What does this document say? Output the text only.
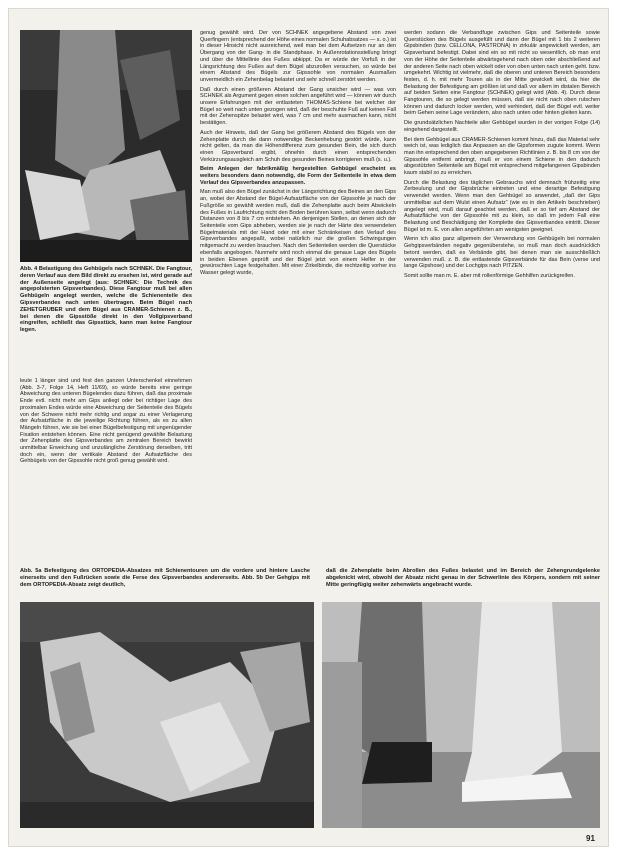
Abb. 4 Belastigung des Gehbügels nach SCHNEK. Die Fangtour, deren Verlauf aus dem Bild direkt zu ersehen ist, wird gerade auf der Außenseite angelegt (aus: SCHNEK: Die Technik des angepolsterten Gipsverbandes). Diese Fangtour muß bei allen Gehbügeln angelegt werden, welche die Schienenteile des Gipsverbandes nach unten übertragen. Beim Bügel nach ZEHETGRUBER und dem Bügel aus CRAMER-Schienen z. B., bei denen die Gipsstöße direkt in den Vollgipsverband eingreifen, schließt das Gipsstück, kann man keine Fangtour legen.

leute 1 länger sind und fest den ganzen Unterschenkel einnehmen (Abb. 3-7, Folge 14, Heft 11/69), so würde bereits eine geringe Abweichung des unteren Bügelendes dazu führen, daß das proximale Ende evtl. nicht mehr am Gips anliegt oder bei richtiger Lage des proximalen Endes würde eine Abweichung der Seitenteile des Bügels von der Schwere nicht mehr richtig und sogar zu einer Verlagerung der Aufsatzfläche in die jeweilige Richtung führen, als es zu allen Mängeln führen, wie sie bei einer Bügelbefestigung mit ungenügender Fixation entstehen können. Eine nicht genügend gewählte Belastung der Zehenplatte des Gipsverbandes am zentralen Bereich bewirkt unmittelbar Erweichung und unzulängliche Zerstörung derselben, tritt doch ein, wenn der vertikale Abstand der Aufsatzfläche des Gehbügels von der Gipssohle nicht groß genug gewählt wird.

genug gewählt wird. Der von SCHNEK angegebene Abstand von zwei Querfingern (entsprechend der Höhe eines normalen Schuhabsatzes — s. o.) ist in dieser Hinsicht nicht ausreichend, weil man bei dem Aufsetzen nur an den Übergang von der Gang- in die Standphase. In Außenrotationsstellung bringt und über die Mittellinie des Fußes abkippt. Da er würde der Vorfuß in der Längsrichtung des Fußes auf dem Bügel abzurollen versuchen, so würde bei einem Abstand des Bügels zur Gipssohle von normalen Ausmaßen unvermeidlich ein Zehenbelag belastet und sehr schnell zerstört werden.

Daß durch einen größeren Abstand der Gang unsicher wird — was von SCHNEK als Argument gegen einen solchen angeführt wird — können wir durch unsere Erfahrungen mit der entlasteten THOMAS-Schiene bei welcher der Bügel so weit nach unten gezogen wird, daß der beschuhte Fuß auf keinen Fall mit der Zehenspitze belastet wird, was 7 cm und mehr ausmachen kann, nicht bestätigen.

Auch der Hinweis, daß der Gang bei größerem Abstand des Bügels von der Zehenplatte durch die dann notwendige Beckenhebung gestört würde, kann nicht gelten, da man die Höhendifferenz zum gesunden Bein, die sich durch einen Gipsverband ergibt, ohnehin durch einen entsprechenden Verkürzungsausgleich am Schuh des gesunden Beines korrigieren muß (s. u.).

Beim Anlegen der fabrikmäßig hergestellten Gehbügel erscheint es weiters besonders dann notwendig, die Form der Seitenteile in etwa dem Verlauf des Gipsverbandes anzupassen.

Man muß also den Bügel zunächst in der Längsrichtung des Beines an den Gips an, wobei der Abstand der Bügel-Aufsatzfläche von der Gipssohle je nach der Fußgröße so gewählt werden muß, daß die Zehenplatte auch beim Abwickeln des Fußes in Laufrichtung nicht den Boden berühren kann, selbst wenn dadurch Distanzen von 8 bis 7 cm entstehen. An denjenigen Stellen, an denen sich der Seitenteile vom Gips abheben, werden sie je nach der Härte des verwendeten Bügelmaterials mit der Hand oder mit einer Schränkeisen den Verlauf des Gipsverbandes angepaßt, wobei natürlich nur die großen Schwingungen mitgemacht zu werden brauchen. Nach den Seitenteilen werden die Querstücke ebenfalls angebogen. Nunmehr wird noch einmal die genaue Lage des Bügels in beiden Ebenen geprüft und der Bügel jetzt von einem Helfer in der gewünschten Lage festgehalten. Mit einer Zirkelbinde, die rechtzeitig vorher ins Wasser gelegt wurde,

werden sodann die Verbandfuge zwischen Gips und Seitenteile sowie Querstücken des Bügels ausgefüllt und dann der Bügel mit 1 bis 2 weiteren Gipsbinden (bzw. CELLONA, PASTRONA) in zirkulär angewickelt werden, am Gipsverband befestigt. Dabei sind ein so mit nicht so wesentlich, ob man erst von der Höhe der Seitenteile abwärtsgehend nach oben oder abschließend auf der anderen Seite nach oben wickelt oder von oben unten nach unten geht. bzw. umgekehrt. Wichtig ist vielmehr, daß die oberen und unteren Bereich besonders festen, d. h. mit mehr Touren als in der Mitte gewickelt wird, da hier die Belastung der Befestigung am größten ist und daß vor allem im distalen Bereich auf beiden Seiten eine Fangtour (SCHNEK) gelegt wird (Abb. 4). Durch diese Fangtouren, die so gelegt werden müssen, daß sie nicht nach oben rutschen können und dadurch locker werden, wird verhindert, daß der Bügel evtl. weiter beim Gehen seine Lage verändern, also nach unten oder hinten gleiten kann.

Die grundsätzlichen Nachteile aller Gehbügel wurden in der vorigen Folge (14) eingehend dargestellt.

Bei dem Gehbügel aus CRAMER-Schienen kommt hinzu, daß das Material sehr weich ist, was lediglich das Anpassen an die Gipsformen zugute kommt. Wenn man ihn entsprechend den oben angegebenen Richtlinien z. B. bis 8 cm von der Gipssohle entfernt anbringt, muß er von einem Schiene in den dadurch abgestützten Seitenteile am Bügel mit entsprechend mitgefangenen Gipsbinden kaum stabil so zu erreichen.

Durch die Belastung des täglichen Gebrauchs wird demnach frühzeitig eine Zerbeulung und der Gipsbrüche eintreten und eine derartige Befestigung verwendet werden. Wenn man den Gehbügel so anwendet, „daß der Gips unmittelbar auf dem Wulst einen Aufsatz“ (wie es in den Artikeln beschrieben) angelegt wird, muß darauf geachtet werden, daß er so tief am Abstand der Aufsatzfläche von der Gipssohle mit zu klein, so daß im jedem Fall eine Belastung und Beschädigung der Komplette des Gipsverbandes eintritt. Dieser Bügel ist m. E. von allen angeführten am wenigsten geeignet.

Wenn ich also ganz allgemein der Verwendung von Gehbügeln bei normalen Gehgipsverbänden negativ gegenüberstehe, so muß man doch ausdrücklich betont werden, daß es Verbände gibt, bei denen man sie ausschließlich verwenden muß. z. B. die entlastende Gipsverbände für das Bein (verse und lange Gipshose) und der Lochgips nach PITZEN.

Somit sollte man m. E. aber mit rollenförmige Gehhilfen zurückgreifen.

Abb. 5a Befestigung des ORTOPEDIA-Absatzes mit Schienentouren um die vordere und hintere Lasche einerseits und den Fußrücken sowie die Ferse des Gipsverbandes andererseits. Abb. 5b Der Gehgips mit dem ORTOPEDIA-Absatz zeigt deutlich,
daß die Zehenplatte beim Abrollen des Fußes belastet und im Bereich der Zehengrundgelenke abgeknickt wird, obwohl der Absatz nicht genau in der Schwerlinie des Körpers, sondern mit seiner Mitte geringfügig weiter zehenwärts angebracht wurde.
91
